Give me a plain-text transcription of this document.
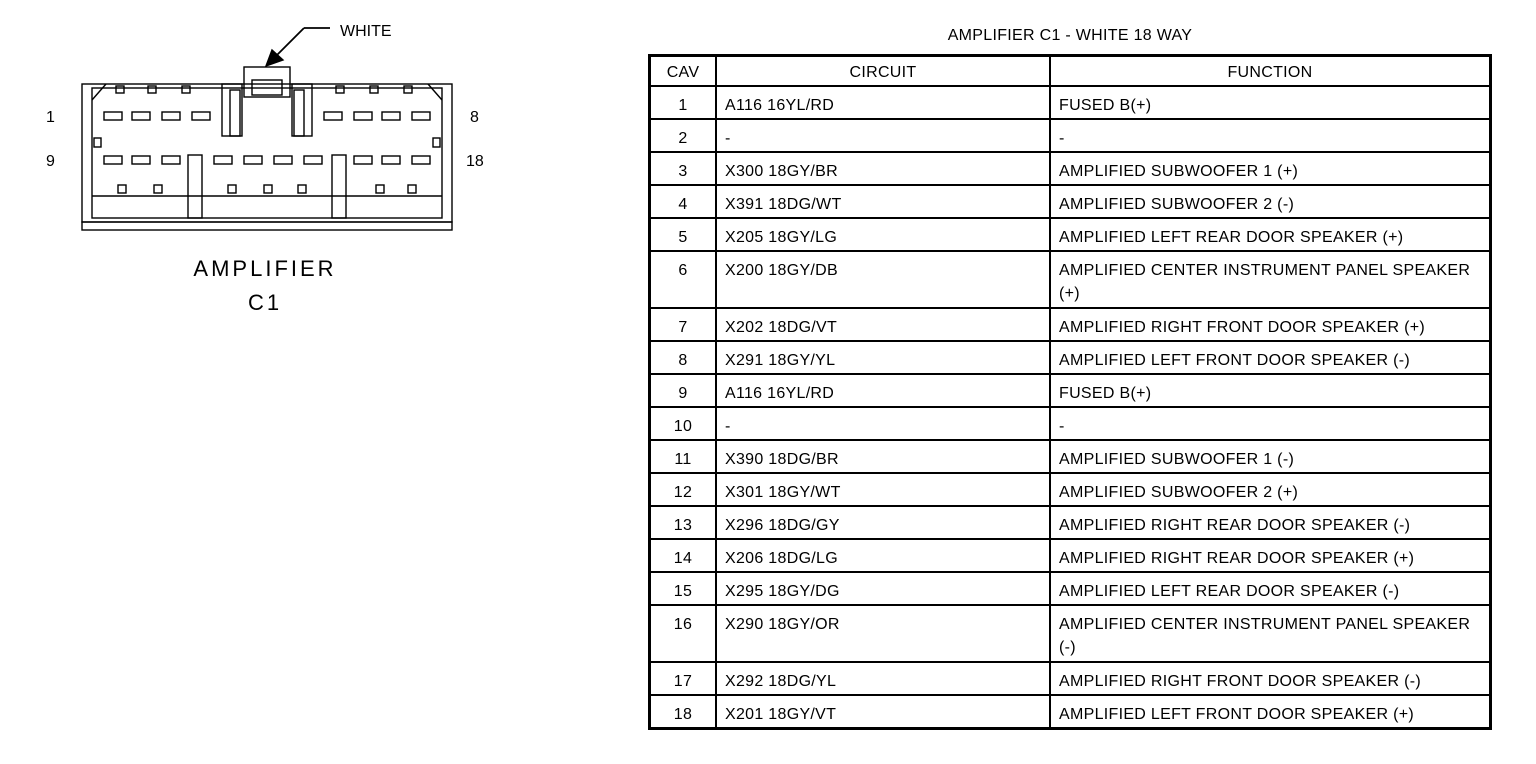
WHITE
1	8
9	18
AMPLIFIER
C1
AMPLIFIER C1 - WHITE 18 WAY
CAV	CIRCUIT	FUNCTION
1	A116 16YL/RD	FUSED B(+)
2	-	-
3	X300 18GY/BR	AMPLIFIED SUBWOOFER 1 (+)
4	X391 18DG/WT	AMPLIFIED SUBWOOFER 2 (-)
5	X205 18GY/LG	AMPLIFIED LEFT REAR DOOR SPEAKER (+)
6	X200 18GY/DB	AMPLIFIED CENTER INSTRUMENT PANEL SPEAKER (+)
7	X202 18DG/VT	AMPLIFIED RIGHT FRONT DOOR SPEAKER (+)
8	X291 18GY/YL	AMPLIFIED LEFT FRONT DOOR SPEAKER (-)
9	A116 16YL/RD	FUSED B(+)
10	-	-
11	X390 18DG/BR	AMPLIFIED SUBWOOFER 1 (-)
12	X301 18GY/WT	AMPLIFIED SUBWOOFER 2 (+)
13	X296 18DG/GY	AMPLIFIED RIGHT REAR DOOR SPEAKER (-)
14	X206 18DG/LG	AMPLIFIED RIGHT REAR DOOR SPEAKER (+)
15	X295 18GY/DG	AMPLIFIED LEFT REAR DOOR SPEAKER (-)
16	X290 18GY/OR	AMPLIFIED CENTER INSTRUMENT PANEL SPEAKER (-)
17	X292 18DG/YL	AMPLIFIED RIGHT FRONT DOOR SPEAKER (-)
18	X201 18GY/VT	AMPLIFIED LEFT FRONT DOOR SPEAKER (+)
